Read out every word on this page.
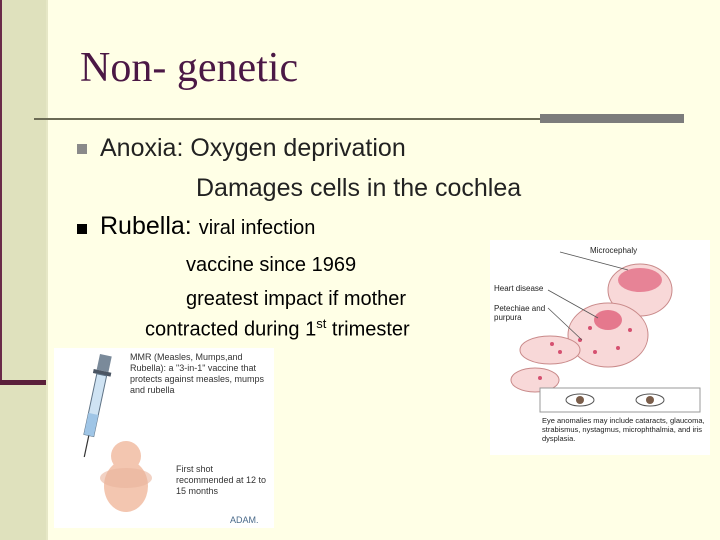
Non- genetic
Anoxia: Oxygen deprivation
Damages cells in the cochlea
Rubella: viral infection
vaccine since 1969
greatest impact if mother
contracted during 1st trimester
MMR (Measles, Mumps,and Rubella): a "3-in-1" vaccine that protects against measles, mumps and rubella
First shot recommended at 12 to 15 months
ADAM.
Microcephaly
Heart disease
Petechiae and purpura
Eye anomalies may include cataracts, glaucoma, strabismus, nystagmus, microphthalmia, and iris dysplasia.
